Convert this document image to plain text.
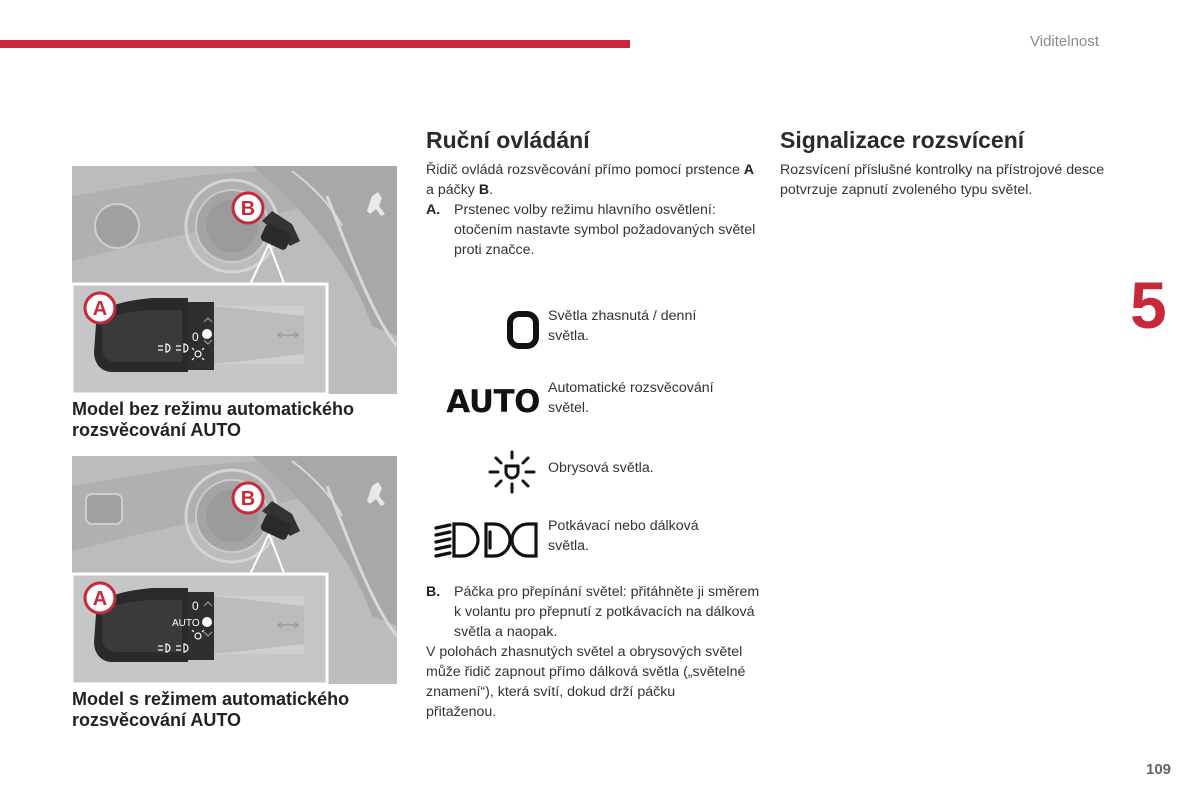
Viditelnost
5
109
0
A
B
Model bez režimu automatického rozsvěcování AUTO
0
AUTO
A
B
Model s režimem automatického rozsvěcování AUTO
Ruční ovládání

Řidič ovládá rozsvěcování přímo pomocí prstence A a páčky B.

A. Prstenec volby režimu hlavního osvětlení: otočením nastavte symbol požadovaných světel proti značce.
Světla zhasnutá / denní světla.
AUTO Automatické rozsvěcování světel.
Obrysová světla.
Potkávací nebo dálková světla.
B. Páčka pro přepínání světel: přitáhněte ji směrem k volantu pro přepnutí z potkávacích na dálková světla a naopak.

V polohách zhasnutých světel a obrysových světel může řidič zapnout přímo dálková světla („světelné znamení“), která svítí, dokud drží páčku přitaženou.

Signalizace rozsvícení

Rozsvícení příslušné kontrolky na přístrojové desce potvrzuje zapnutí zvoleného typu světel.
